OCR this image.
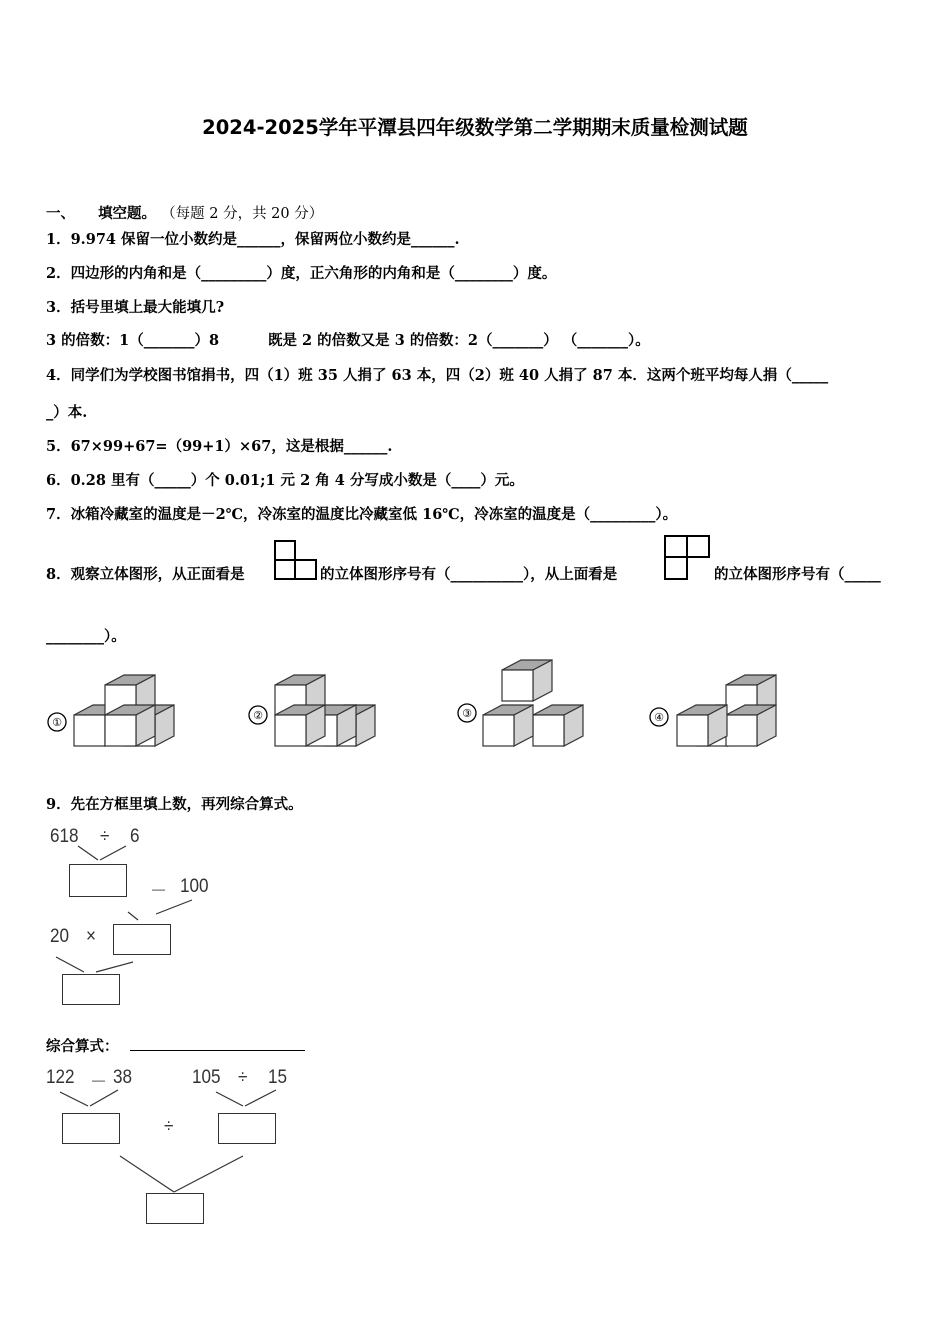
2024-2025学年平潭县四年级数学第二学期期末质量检测试题
一、 填空题。 （每题 2 分，共 20 分）
1．9.974 保留一位小数约是______，保留两位小数约是______.
2．四边形的内角和是（_________）度，正六角形的内角和是（________）度。
3．括号里填上最大能填几?
3 的倍数：1（_______）8	既是 2 的倍数又是 3 的倍数：2（_______） （_______）。
4．同学们为学校图书馆捐书，四（1）班 35 人捐了 63 本，四（2）班 40 人捐了 87 本．这两个班平均每人捐（_____
_）本.
5．67×99+67=（99+1）×67，这是根据______.
6．0.28 里有（_____）个 0.01;1 元 2 角 4 分写成小数是（____）元。
7．冰箱冷藏室的温度是－2℃，冷冻室的温度比冷藏室低 16℃，冷冻室的温度是（_________）。
8．观察立体图形，从正面看是	的立体图形序号有（__________），从上面看是	的立体图形序号有（_____
________）。
①
②	③	④
9．先在方框里填上数，再列综合算式。
618 ÷ 6
－ 100
20 ×
综合算式：
122 － 38	105 ÷ 15
÷
